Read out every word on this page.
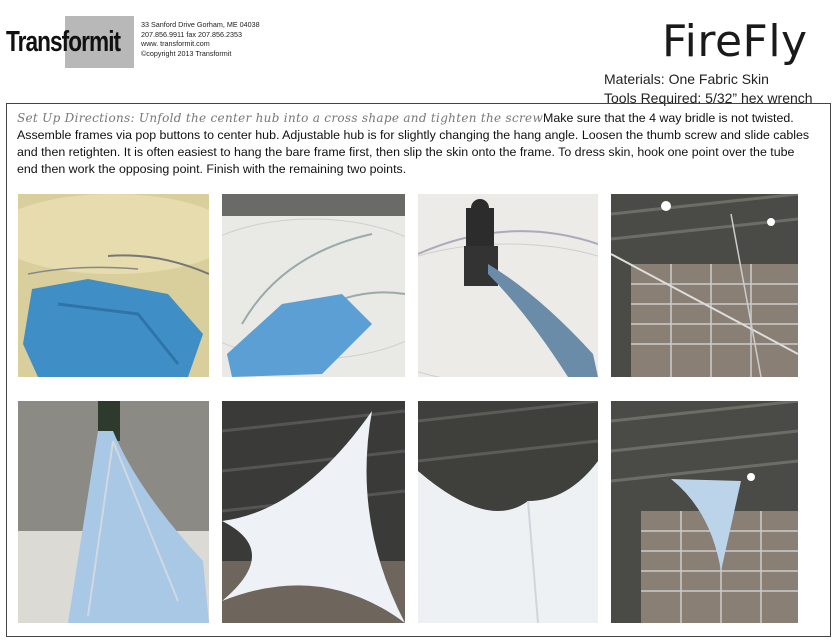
Transformit
33 Sanford Drive Gorham, ME 04038
207.856.9911 fax 207.856.2353
www. transformit.com
©copyright 2013 Transformit	FireFly
Materials: One Fabric Skin
Tools Required: 5/32” hex wrench
Set Up Directions: Unfold the center hub into a cross shape and tighten the screwMake sure that the 4 way bridle is not twisted. Assemble frames via pop buttons to center hub. Adjustable hub is for slightly changing the hang angle. Loosen the thumb screw and slide cables and then retighten. It is often easiest to hang the bare frame first, then slip the skin onto the frame. To dress skin, hook one point over the tube end then work the opposing point. Finish with the remaining two points.
